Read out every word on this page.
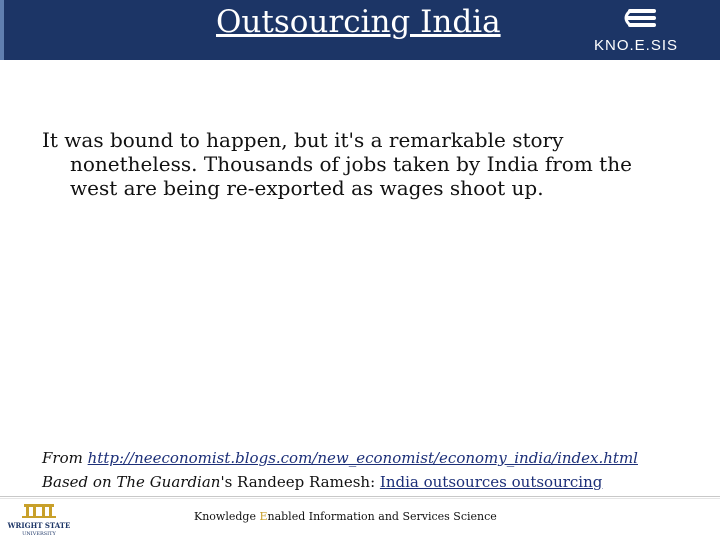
Outsourcing India
KNO.E.SIS
It was bound to happen, but it's a remarkable story
nonetheless. Thousands of jobs taken by India from the
west are being re-exported as wages shoot up.
From http://neeconomist.blogs.com/new_economist/economy_india/index.html
Based on The Guardian's Randeep Ramesh: India outsources outsourcing
WRIGHT STATE
UNIVERSITY
Knowledge Enabled Information and Services Science
